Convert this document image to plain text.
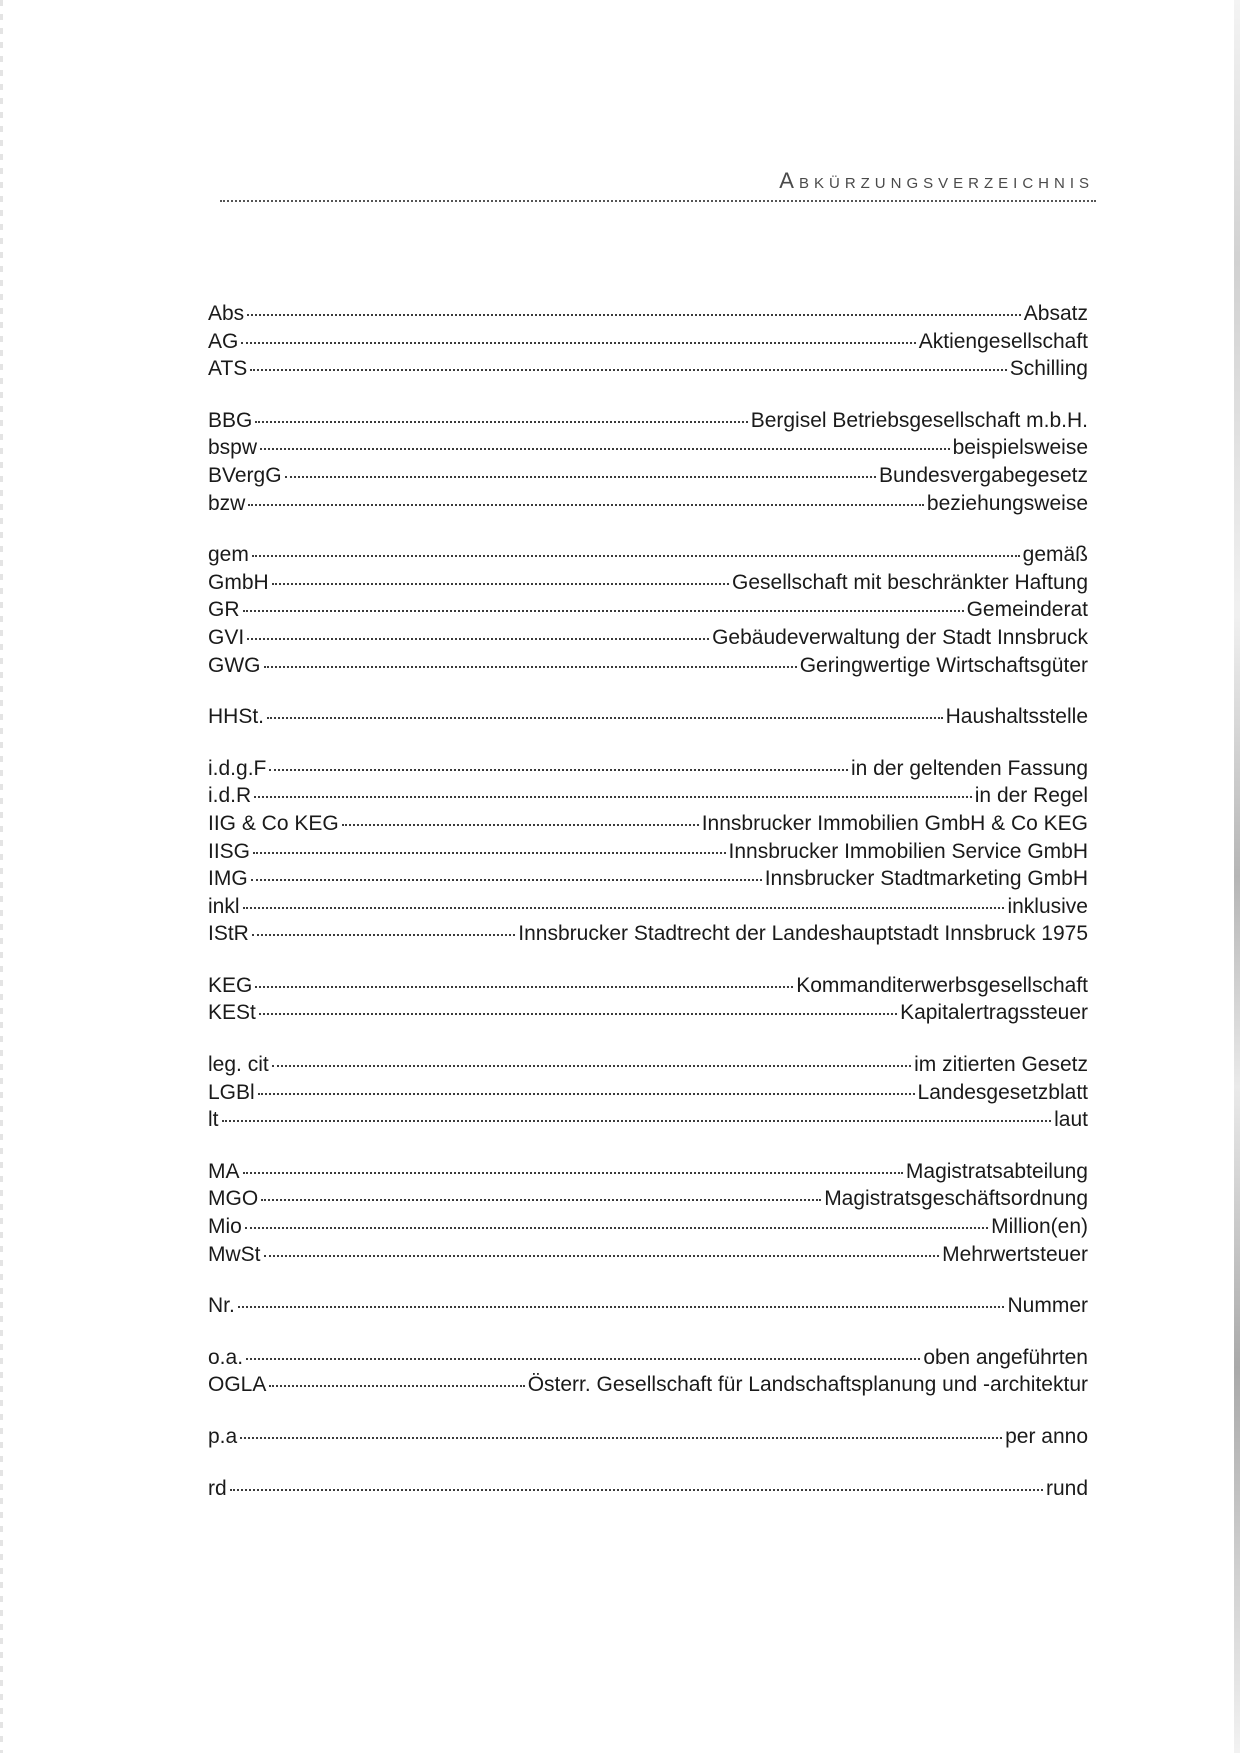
Abkürzungsverzeichnis
Abs	Absatz
AG	Aktiengesellschaft
ATS	Schilling
BBG	Bergisel Betriebsgesellschaft m.b.H.
bspw	beispielsweise
BVergG	Bundesvergabegesetz
bzw	beziehungsweise
gem	gemäß
GmbH	Gesellschaft mit beschränkter Haftung
GR	Gemeinderat
GVI	Gebäudeverwaltung der Stadt Innsbruck
GWG	Geringwertige Wirtschaftsgüter
HHSt.	Haushaltsstelle
i.d.g.F	in der geltenden Fassung
i.d.R	in der Regel
IIG & Co KEG	Innsbrucker Immobilien GmbH & Co KEG
IISG	Innsbrucker Immobilien Service GmbH
IMG	Innsbrucker Stadtmarketing GmbH
inkl	inklusive
IStR	Innsbrucker Stadtrecht der Landeshauptstadt Innsbruck 1975
KEG	Kommanditerwerbsgesellschaft
KESt	Kapitalertragssteuer
leg. cit	im zitierten Gesetz
LGBl	Landesgesetzblatt
lt	laut
MA	Magistratsabteilung
MGO	Magistratsgeschäftsordnung
Mio	Million(en)
MwSt	Mehrwertsteuer
Nr.	Nummer
o.a.	oben angeführten
OGLA	Österr. Gesellschaft für Landschaftsplanung und -architektur
p.a	per anno
rd	rund
